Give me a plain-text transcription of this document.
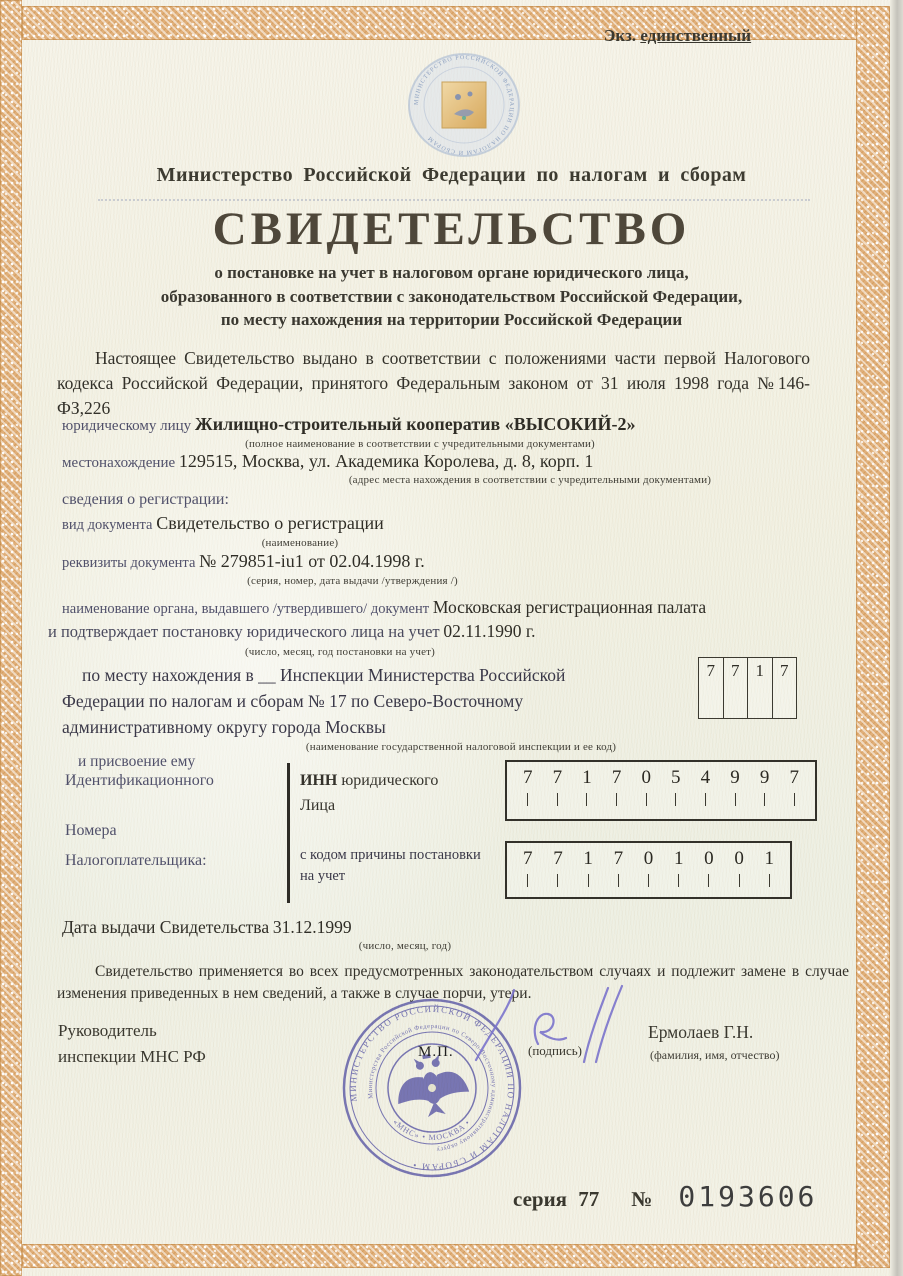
Экз. единственный
МИНИСТЕРСТВО РОССИЙСКОЙ ФЕДЕРАЦИИ ПО НАЛОГАМ И СБОРАМ
Министерство Российской Федерации по налогам и сборам
СВИДЕТЕЛЬСТВО
о постановке на учет в налоговом органе юридического лица,
образованного в соответствии с законодательством Российской Федерации,
по месту нахождения на территории Российской Федерации
Настоящее Свидетельство выдано в соответствии с положениями части первой Налогового кодекса Российской Федерации, принятого Федеральным законом от 31 июля 1998 года №146-ФЗ,226
юридическому лицу Жилищно-строительный кооператив «ВЫСОКИЙ-2»
(полное наименование в соответствии с учредительными документами)
местонахождение 129515, Москва, ул. Академика Королева, д. 8, корп. 1
(адрес места нахождения в соответствии с учредительными документами)
сведения о регистрации:
вид документа Свидетельство о регистрации
(наименование)
реквизиты документа № 279851-iu1 от 02.04.1998 г.
(серия, номер, дата выдачи /утверждения /)
наименование органа, выдавшего /утвердившего/ документ Московская регистрационная палата
и подтверждает постановку юридического лица на учет 02.11.1990 г.
(число, месяц, год постановки на учет)
по месту нахождения в __ Инспекции Министерства Российской
Федерации по налогам и сборам № 17 по Северо-Восточному
административному округу города Москвы
7 7 1 7
(наименование государственной налоговой инспекции и ее код)
и присвоение ему
Идентификационного
Номера
Налогоплательщика:
ИНН юридического
Лица
7 7 1 7 0 5 4 9 9 7
с кодом причины постановки
на учет
7 7 1 7 0 1 0 0 1
Дата выдачи Свидетельства 31.12.1999
(число, месяц, год)
Свидетельство применяется во всех предусмотренных законодательством случаях и подлежит замене в случае изменения приведенных в нем сведений, а также в случае порчи, утери.
Руководитель
инспекции МНС РФ
МИНИСТЕРСТВО РОССИЙСКОЙ ФЕДЕРАЦИИ ПО НАЛОГАМ И СБОРАМ •
Министерства Российской Федерации по Северо-Восточному административному округу
«МНС» • МОСКВА •
М.П.	(подпись)
Ермолаев Г.Н.
(фамилия, имя, отчество)
серия 77 № 0193606
